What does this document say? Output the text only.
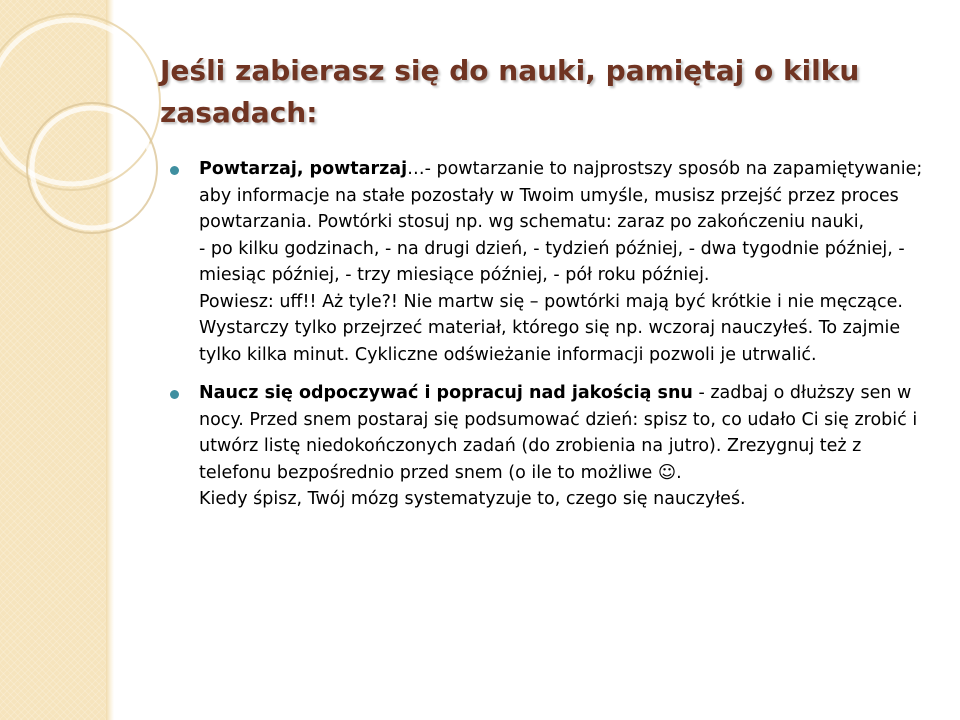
Jeśli zabierasz się do nauki, pamiętaj o kilku zasadach:
Powtarzaj, powtarzaj…- powtarzanie to najprostszy sposób na zapamiętywanie; aby informacje na stałe pozostały w Twoim umyśle, musisz przejść przez proces powtarzania. Powtórki stosuj np. wg schematu: zaraz po zakończeniu nauki,
- po kilku godzinach, - na drugi dzień, - tydzień później, - dwa tygodnie później, - miesiąc później, - trzy miesiące później, - pół roku później.
Powiesz: uff!! Aż tyle?! Nie martw się – powtórki mają być krótkie i nie męczące. Wystarczy tylko przejrzeć materiał, którego się np. wczoraj nauczyłeś. To zajmie tylko kilka minut. Cykliczne odświeżanie informacji pozwoli je utrwalić.
Naucz się odpoczywać i popracuj nad jakością snu - zadbaj o dłuższy sen w nocy. Przed snem postaraj się podsumować dzień: spisz to, co udało Ci się zrobić i utwórz listę niedokończonych zadań (do zrobienia na jutro). Zrezygnuj też z telefonu bezpośrednio przed snem (o ile to możliwe ☺.
Kiedy śpisz, Twój mózg systematyzuje to, czego się nauczyłeś.
